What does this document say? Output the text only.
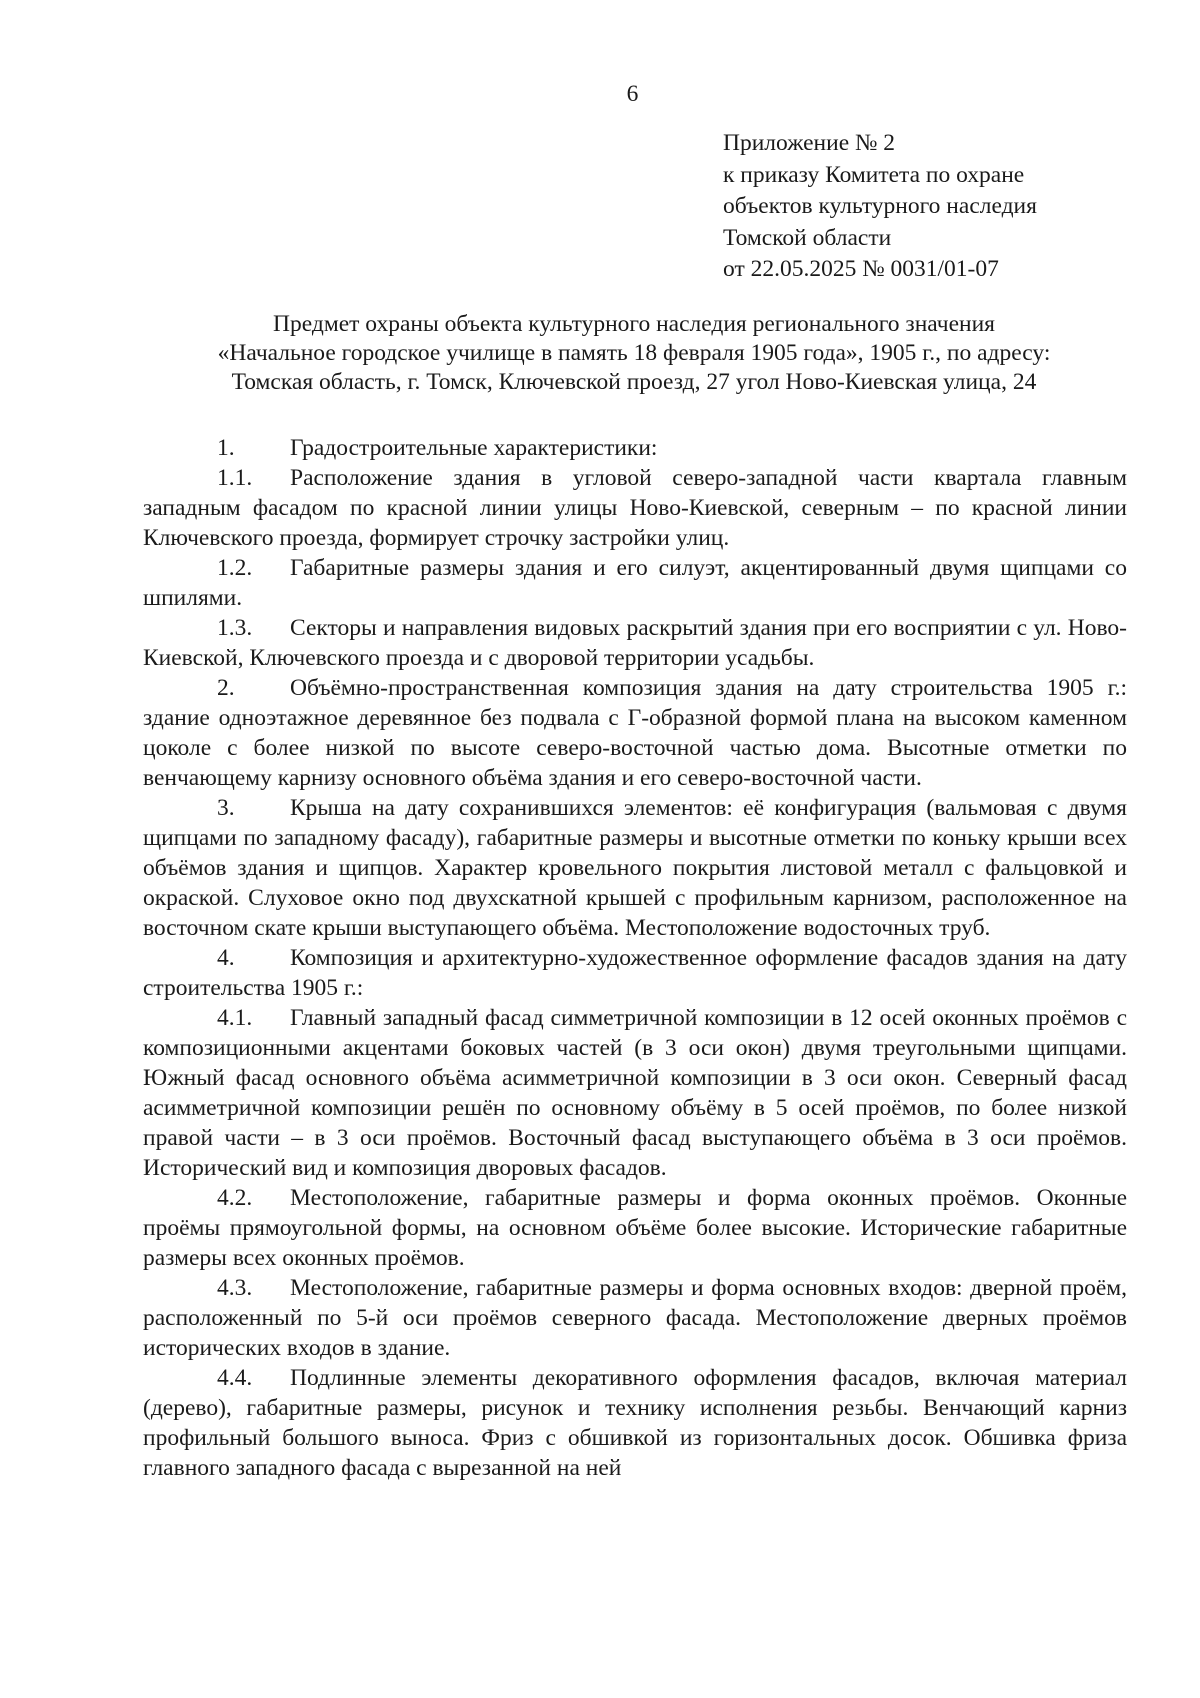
6
Приложение № 2
к приказу Комитета по охране
объектов культурного наследия
Томской области
от 22.05.2025 № 0031/01-07
Предмет охраны объекта культурного наследия регионального значения
«Начальное городское училище в память 18 февраля 1905 года», 1905 г., по адресу:
Томская область, г. Томск, Ключевской проезд, 27 угол Ново-Киевская улица, 24

1. Градостроительные характеристики:

1.1. Расположение здания в угловой северо-западной части квартала главным западным фасадом по красной линии улицы Ново-Киевской, северным – по красной линии Ключевского проезда, формирует строчку застройки улиц.

1.2. Габаритные размеры здания и его силуэт, акцентированный двумя щипцами со шпилями.

1.3. Секторы и направления видовых раскрытий здания при его восприятии с ул. Ново-Киевской, Ключевского проезда и с дворовой территории усадьбы.

2. Объёмно-пространственная композиция здания на дату строительства 1905 г.: здание одноэтажное деревянное без подвала с Г-образной формой плана на высоком каменном цоколе с более низкой по высоте северо-восточной частью дома. Высотные отметки по венчающему карнизу основного объёма здания и его северо-восточной части.

3. Крыша на дату сохранившихся элементов: её конфигурация (вальмовая с двумя щипцами по западному фасаду), габаритные размеры и высотные отметки по коньку крыши всех объёмов здания и щипцов. Характер кровельного покрытия листовой металл с фальцовкой и окраской. Слуховое окно под двухскатной крышей с профильным карнизом, расположенное на восточном скате крыши выступающего объёма. Местоположение водосточных труб.

4. Композиция и архитектурно-художественное оформление фасадов здания на дату строительства 1905 г.:

4.1. Главный западный фасад симметричной композиции в 12 осей оконных проёмов с композиционными акцентами боковых частей (в 3 оси окон) двумя треугольными щипцами. Южный фасад основного объёма асимметричной композиции в 3 оси окон. Северный фасад асимметричной композиции решён по основному объёму в 5 осей проёмов, по более низкой правой части – в 3 оси проёмов. Восточный фасад выступающего объёма в 3 оси проёмов. Исторический вид и композиция дворовых фасадов.

4.2. Местоположение, габаритные размеры и форма оконных проёмов. Оконные проёмы прямоугольной формы, на основном объёме более высокие. Исторические габаритные размеры всех оконных проёмов.

4.3. Местоположение, габаритные размеры и форма основных входов: дверной проём, расположенный по 5-й оси проёмов северного фасада. Местоположение дверных проёмов исторических входов в здание.

4.4. Подлинные элементы декоративного оформления фасадов, включая материал (дерево), габаритные размеры, рисунок и технику исполнения резьбы. Венчающий карниз профильный большого выноса. Фриз с обшивкой из горизонтальных досок. Обшивка фриза главного западного фасада с вырезанной на ней
